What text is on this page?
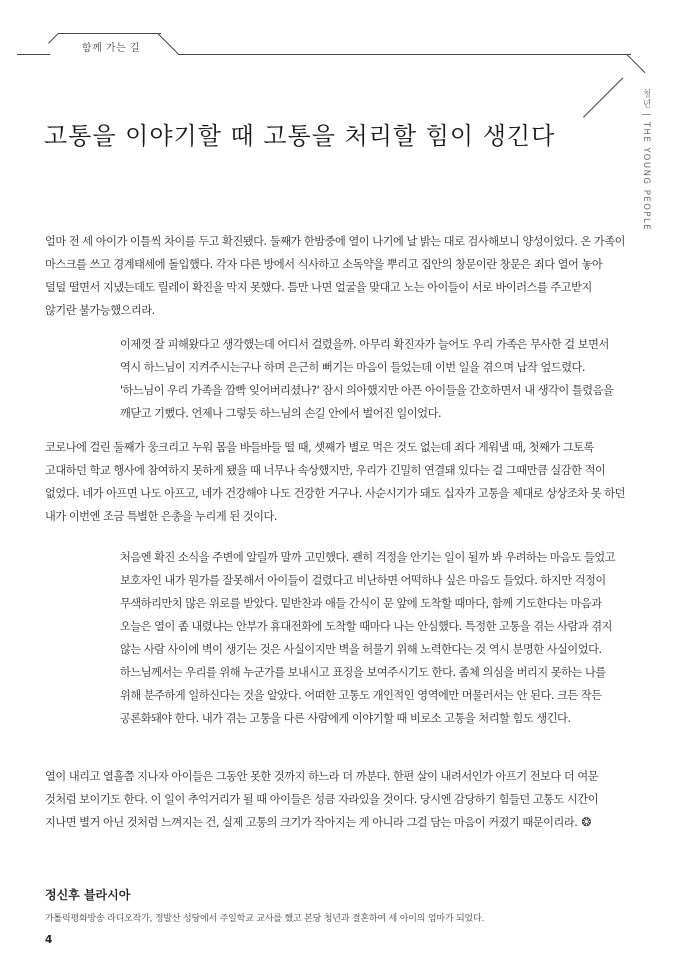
함께 가는 길
청년 | THE YOUNG PEOPLE
고통을 이야기할 때 고통을 처리할 힘이 생긴다

얼마 전 세 아이가 이틀씩 차이를 두고 확진됐다. 둘째가 한밤중에 열이 나기에 날 밝는 대로 검사해보니 양성이었다. 온 가족이 마스크를 쓰고 경계태세에 돌입했다. 각자 다른 방에서 식사하고 소독약을 뿌리고 집안의 창문이란 창문은 죄다 열어 놓아 덜덜 떨면서 지냈는데도 릴레이 확진을 막지 못했다. 틈만 나면 얼굴을 맞대고 노는 아이들이 서로 바이러스를 주고받지 않기란 불가능했으리라.

이제껏 잘 피해왔다고 생각했는데 어디서 걸렸을까. 아무리 확진자가 늘어도 우리 가족은 무사한 걸 보면서 역시 하느님이 지켜주시는구나 하며 은근히 뻐기는 마음이 들었는데 이번 일을 겪으며 납작 엎드렸다. '하느님이 우리 가족을 깜빡 잊어버리셨나?' 잠시 의아했지만 아픈 아이들을 간호하면서 내 생각이 틀렸음을 깨닫고 기뻤다. 언제나 그렇듯 하느님의 손길 안에서 벌어진 일이었다.

코로나에 걸린 둘째가 웅크리고 누워 몸을 바들바들 떨 때, 셋째가 별로 먹은 것도 없는데 죄다 게워낼 때, 첫째가 그토록 고대하던 학교 행사에 참여하지 못하게 됐을 때 너무나 속상했지만, 우리가 긴밀히 연결돼 있다는 걸 그때만큼 실감한 적이 없었다. 네가 아프면 나도 아프고, 네가 건강해야 나도 건강한 거구나. 사순시기가 돼도 십자가 고통을 제대로 상상조차 못 하던 내가 이번엔 조금 특별한 은총을 누리게 된 것이다.

처음엔 확진 소식을 주변에 알릴까 말까 고민했다. 괜히 걱정을 안기는 일이 될까 봐 우려하는 마음도 들었고 보호자인 내가 뭔가를 잘못해서 아이들이 걸렸다고 비난하면 어떡하나 싶은 마음도 들었다. 하지만 걱정이 무색하리만치 많은 위로를 받았다. 밑반찬과 애들 간식이 문 앞에 도착할 때마다, 함께 기도한다는 마음과 오늘은 열이 좀 내렸냐는 안부가 휴대전화에 도착할 때마다 나는 안심했다. 특정한 고통을 겪는 사람과 겪지 않는 사람 사이에 벽이 생기는 것은 사실이지만 벽을 허물기 위해 노력한다는 것 역시 분명한 사실이었다. 하느님께서는 우리를 위해 누군가를 보내시고 표징을 보여주시기도 한다. 좀체 의심을 버리지 못하는 나를 위해 분주하게 일하신다는 것을 알았다. 어떠한 고통도 개인적인 영역에만 머물러서는 안 된다. 크든 작든 공론화돼야 한다. 내가 겪는 고통을 다른 사람에게 이야기할 때 비로소 고통을 처리할 힘도 생긴다.

열이 내리고 열흘쯤 지나자 아이들은 그동안 못한 것까지 하느라 더 까분다. 한편 살이 내려서인가 아프기 전보다 더 여문 것처럼 보이기도 한다. 이 일이 추억거리가 될 때 아이들은 성큼 자라있을 것이다. 당시엔 감당하기 힘들던 고통도 시간이 지나면 별거 아닌 것처럼 느껴지는 건, 실제 고통의 크기가 작아지는 게 아니라 그걸 담는 마음이 커졌기 때문이리라. ❂

정신후 블라시아

가톨릭평화방송 라디오작가, 정발산 성당에서 주일학교 교사를 했고 본당 청년과 결혼하여 세 아이의 엄마가 되었다.

4
